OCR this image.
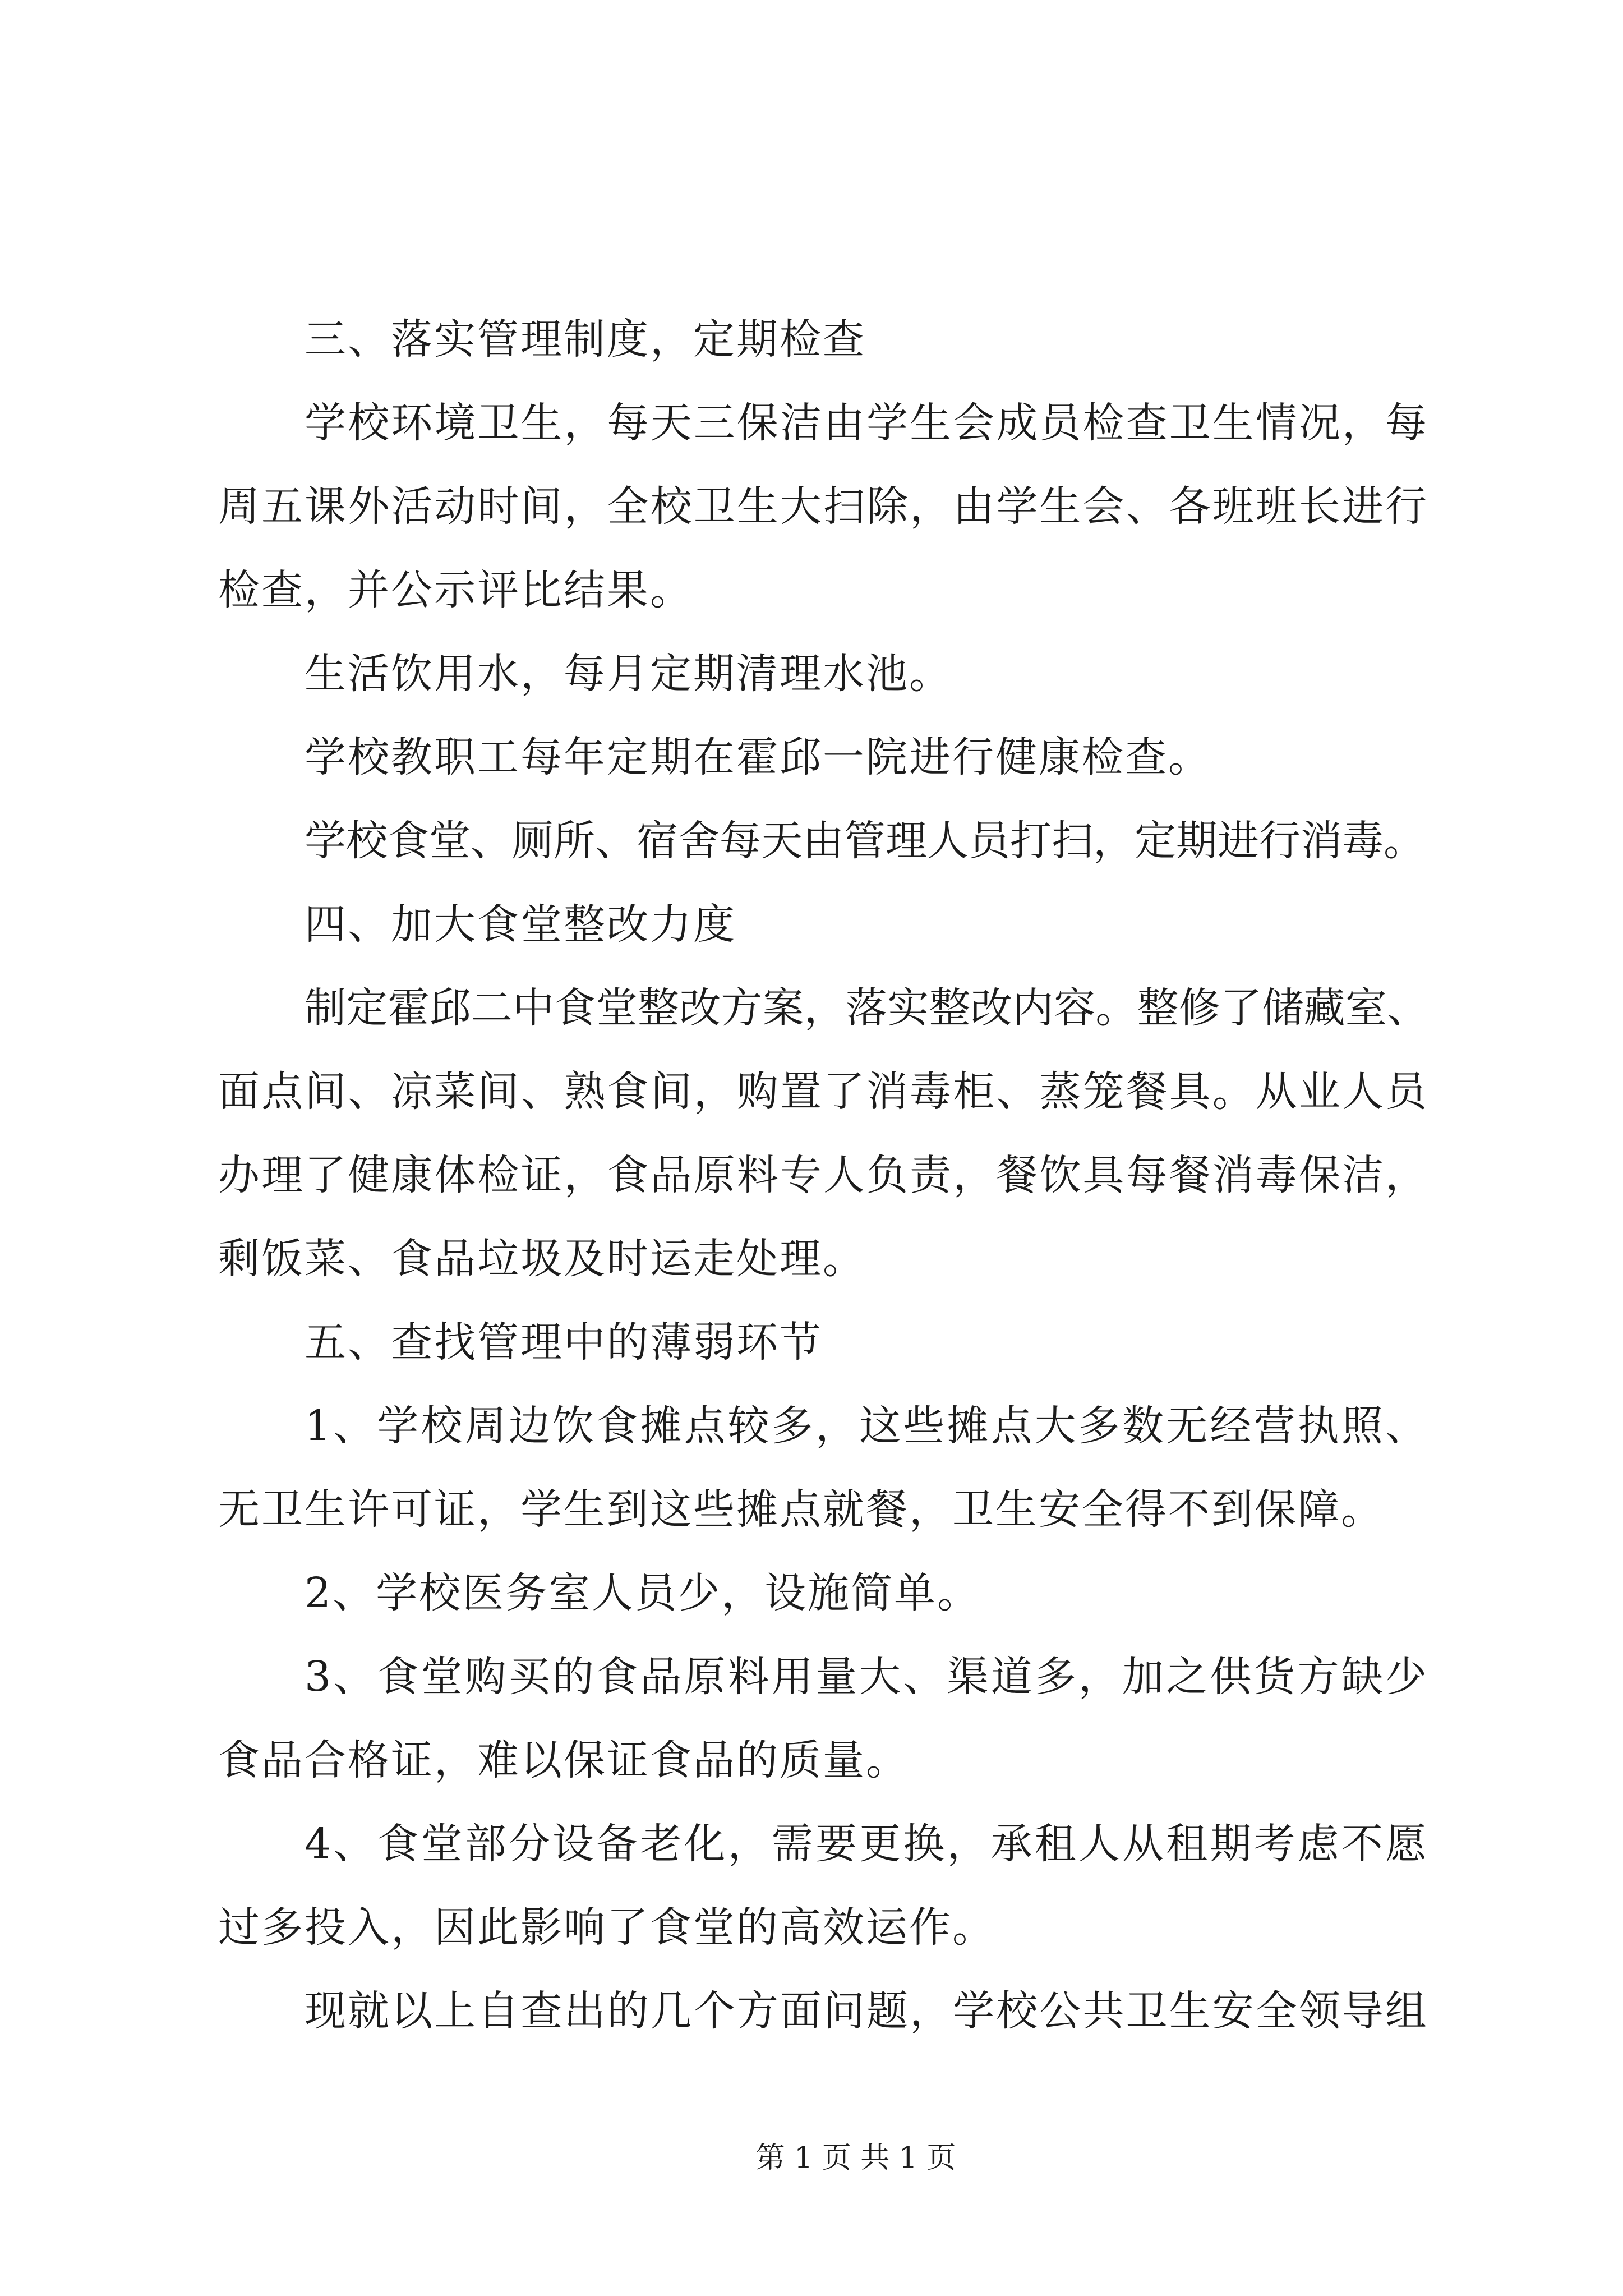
三、落实管理制度，定期检查
学校环境卫生，每天三保洁由学生会成员检查卫生情况，每
周五课外活动时间，全校卫生大扫除，由学生会、各班班长进行
检查，并公示评比结果。
生活饮用水，每月定期清理水池。
学校教职工每年定期在霍邱一院进行健康检查。
学校食堂、厕所、宿舍每天由管理人员打扫，定期进行消毒。
四、加大食堂整改力度
制定霍邱二中食堂整改方案，落实整改内容。整修了储藏室、
面点间、凉菜间、熟食间，购置了消毒柜、蒸笼餐具。从业人员
办理了健康体检证，食品原料专人负责，餐饮具每餐消毒保洁，
剩饭菜、食品垃圾及时运走处理。
五、查找管理中的薄弱环节
1、学校周边饮食摊点较多，这些摊点大多数无经营执照、
无卫生许可证，学生到这些摊点就餐，卫生安全得不到保障。
2、学校医务室人员少，设施简单。
3、食堂购买的食品原料用量大、渠道多，加之供货方缺少
食品合格证，难以保证食品的质量。
4、食堂部分设备老化，需要更换，承租人从租期考虑不愿
过多投入，因此影响了食堂的高效运作。
现就以上自查出的几个方面问题，学校公共卫生安全领导组
第 1 页 共 1 页
